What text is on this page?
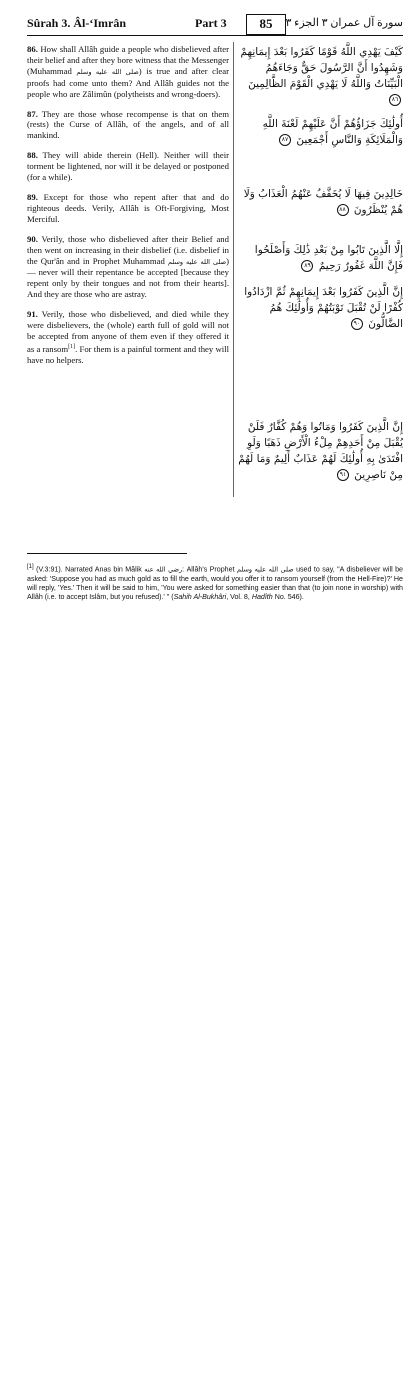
Sûrah 3. Âl-‘Imrân	Part 3	85	سورة آل عمران ٣ الجزء ٣

86. How shall Allâh guide a people who disbelieved after their belief and after they bore witness that the Messenger (Muhammad صلى الله عليه وسلم) is true and after clear proofs had come unto them? And Allâh guides not the people who are Zâlimûn (polytheists and wrong-doers).

87. They are those whose recompense is that on them (rests) the Curse of Allâh, of the angels, and of all mankind.

88. They will abide therein (Hell). Neither will their torment be lightened, nor will it be delayed or postponed (for a while).

89. Except for those who repent after that and do righteous deeds. Verily, Allâh is Oft-Forgiving, Most Merciful.

90. Verily, those who disbelieved after their Belief and then went on increasing in their disbelief (i.e. disbelief in the Qur'ân and in Prophet Muhammad صلى الله عليه وسلم) — never will their repentance be accepted [because they repent only by their tongues and not from their hearts]. And they are those who are astray.

91. Verily, those who disbelieved, and died while they were disbelievers, the (whole) earth full of gold will not be accepted from anyone of them even if they offered it as a ransom[1]. For them is a painful torment and they will have no helpers.

كَيْفَ يَهْدِي اللَّهُ قَوْمًا كَفَرُوا بَعْدَ إِيمَانِهِمْ وَشَهِدُوا أَنَّ الرَّسُولَ حَقٌّ وَجَاءَهُمُ الْبَيِّنَاتُ وَاللَّهُ لَا يَهْدِي الْقَوْمَ الظَّالِمِينَ ٨٦
أُولَٰئِكَ جَزَاؤُهُمْ أَنَّ عَلَيْهِمْ لَعْنَةَ اللَّهِ وَالْمَلَائِكَةِ وَالنَّاسِ أَجْمَعِينَ ٨٧
خَالِدِينَ فِيهَا لَا يُخَفَّفُ عَنْهُمُ الْعَذَابُ وَلَا هُمْ يُنْظَرُونَ ٨٨
إِلَّا الَّذِينَ تَابُوا مِنْ بَعْدِ ذَٰلِكَ وَأَصْلَحُوا فَإِنَّ اللَّهَ غَفُورٌ رَحِيمٌ ٨٩
إِنَّ الَّذِينَ كَفَرُوا بَعْدَ إِيمَانِهِمْ ثُمَّ ازْدَادُوا كُفْرًا لَنْ تُقْبَلَ تَوْبَتُهُمْ وَأُولَٰئِكَ هُمُ الضَّالُّونَ ٩٠
إِنَّ الَّذِينَ كَفَرُوا وَمَاتُوا وَهُمْ كُفَّارٌ فَلَنْ يُقْبَلَ مِنْ أَحَدِهِمْ مِلْءُ الْأَرْضِ ذَهَبًا وَلَوِ افْتَدَىٰ بِهِ أُولَٰئِكَ لَهُمْ عَذَابٌ أَلِيمٌ وَمَا لَهُمْ مِنْ نَاصِرِينَ ٩١

[1] (V.3:91). Narrated Anas bin Mâlik رضي الله عنه: Allâh's Prophet صلى الله عليه وسلم used to say, "A disbeliever will be asked: 'Suppose you had as much gold as to fill the earth, would you offer it to ransom yourself (from the Hell-Fire)?' He will reply, 'Yes.' Then it will be said to him, 'You were asked for something easier than that (to join none in worship) with Allâh (i.e. to accept Islâm, but you refused).' " (Sahih Al-Bukhâri, Vol. 8, Hadîth No. 546).
